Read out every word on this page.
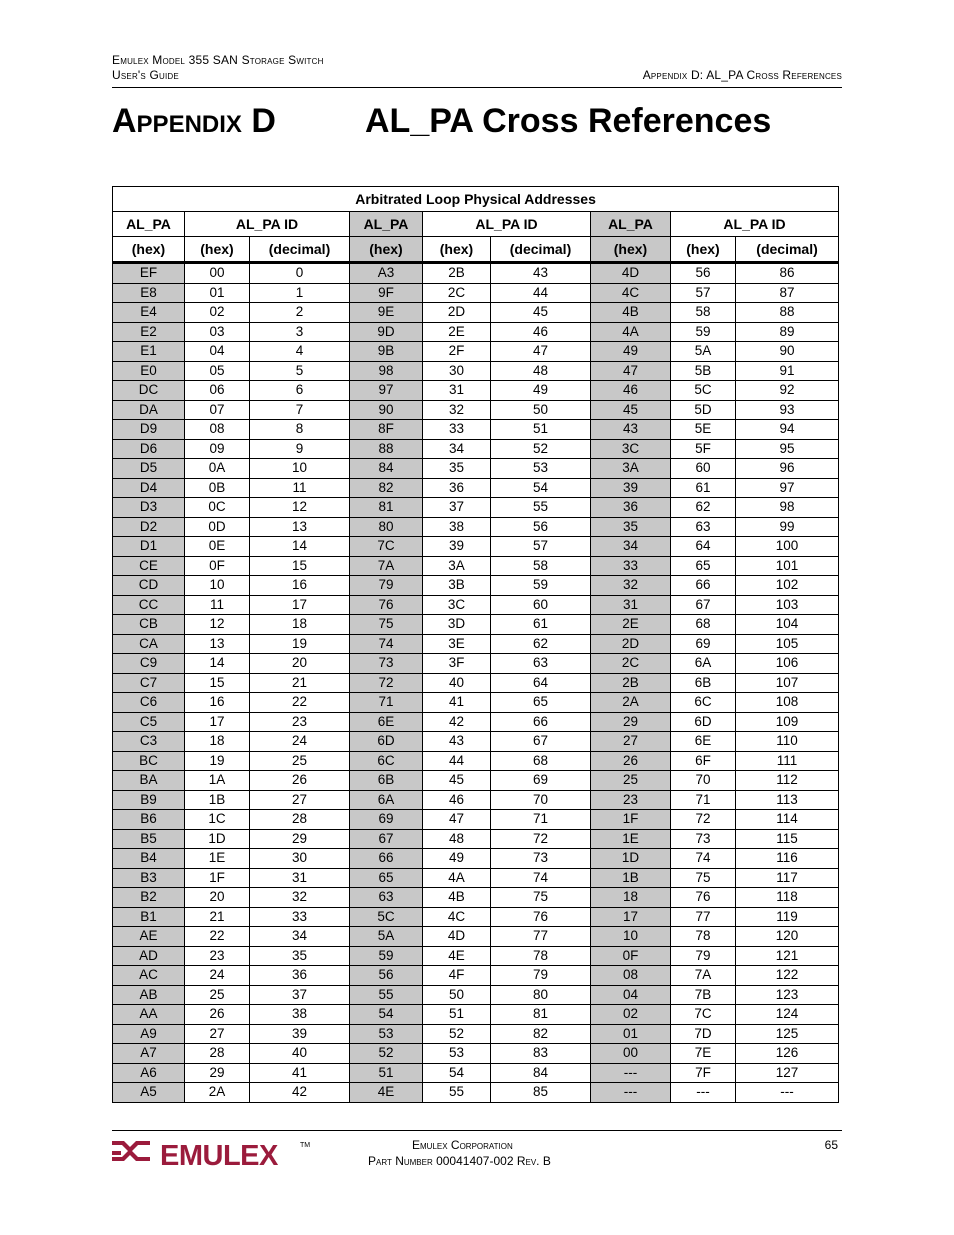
Emulex Model 355 SAN Storage Switch
User's Guide	Appendix D: AL_PA Cross References
Appendix D	AL_PA Cross References
Arbitrated Loop Physical Addresses								
AL_PA	AL_PA ID		AL_PA	AL_PA ID		AL_PA	AL_PA ID	
(hex)	(hex)	(decimal)	(hex)	(hex)	(decimal)	(hex)	(hex)	(decimal)
EF	00	0	A3	2B	43	4D	56	86
E8	01	1	9F	2C	44	4C	57	87
E4	02	2	9E	2D	45	4B	58	88
E2	03	3	9D	2E	46	4A	59	89
E1	04	4	9B	2F	47	49	5A	90
E0	05	5	98	30	48	47	5B	91
DC	06	6	97	31	49	46	5C	92
DA	07	7	90	32	50	45	5D	93
D9	08	8	8F	33	51	43	5E	94
D6	09	9	88	34	52	3C	5F	95
D5	0A	10	84	35	53	3A	60	96
D4	0B	11	82	36	54	39	61	97
D3	0C	12	81	37	55	36	62	98
D2	0D	13	80	38	56	35	63	99
D1	0E	14	7C	39	57	34	64	100
CE	0F	15	7A	3A	58	33	65	101
CD	10	16	79	3B	59	32	66	102
CC	11	17	76	3C	60	31	67	103
CB	12	18	75	3D	61	2E	68	104
CA	13	19	74	3E	62	2D	69	105
C9	14	20	73	3F	63	2C	6A	106
C7	15	21	72	40	64	2B	6B	107
C6	16	22	71	41	65	2A	6C	108
C5	17	23	6E	42	66	29	6D	109
C3	18	24	6D	43	67	27	6E	110
BC	19	25	6C	44	68	26	6F	111
BA	1A	26	6B	45	69	25	70	112
B9	1B	27	6A	46	70	23	71	113
B6	1C	28	69	47	71	1F	72	114
B5	1D	29	67	48	72	1E	73	115
B4	1E	30	66	49	73	1D	74	116
B3	1F	31	65	4A	74	1B	75	117
B2	20	32	63	4B	75	18	76	118
B1	21	33	5C	4C	76	17	77	119
AE	22	34	5A	4D	77	10	78	120
AD	23	35	59	4E	78	0F	79	121
AC	24	36	56	4F	79	08	7A	122
AB	25	37	55	50	80	04	7B	123
AA	26	38	54	51	81	02	7C	124
A9	27	39	53	52	82	01	7D	125
A7	28	40	52	53	83	00	7E	126
A6	29	41	51	54	84	---	7F	127
A5	2A	42	4E	55	85	---	---	---
EMULEX	TM	Emulex Corporation
Part Number 00041407-002 Rev. B
65
